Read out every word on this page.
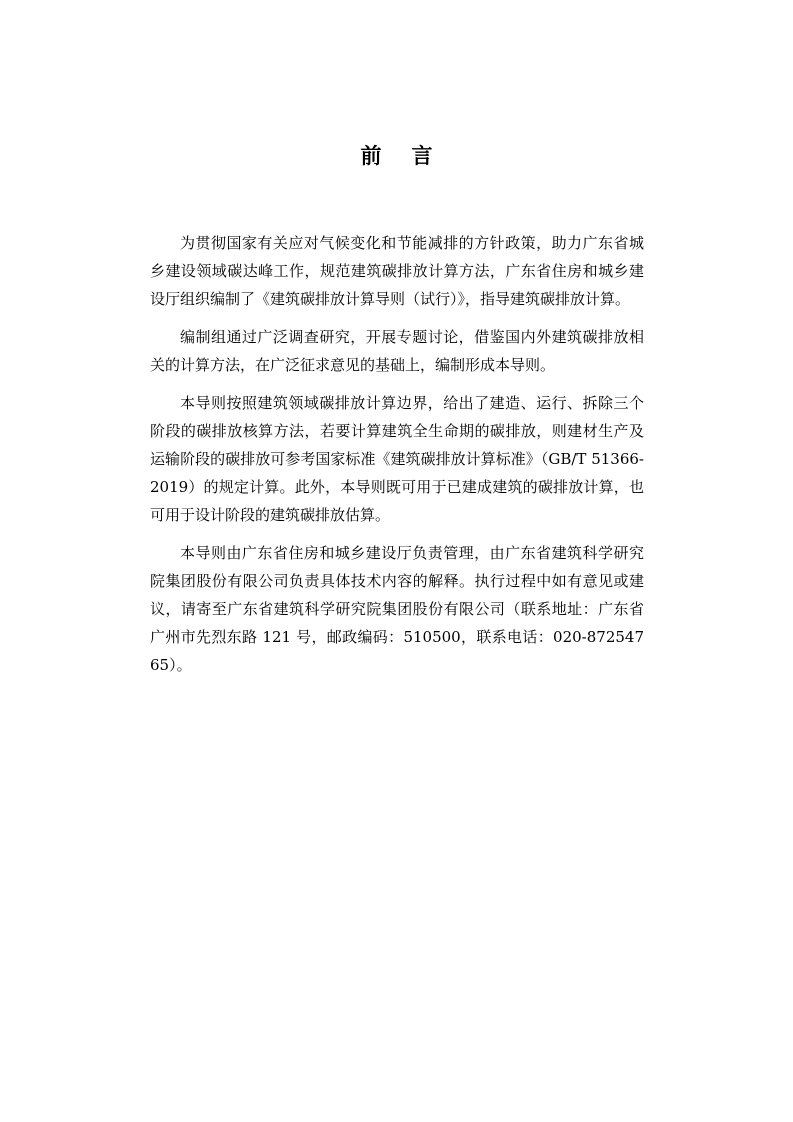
前 言

为贯彻国家有关应对气候变化和节能减排的方针政策，助力广东省城乡建设领域碳达峰工作，规范建筑碳排放计算方法，广东省住房和城乡建设厅组织编制了《建筑碳排放计算导则（试行）》，指导建筑碳排放计算。

编制组通过广泛调查研究，开展专题讨论，借鉴国内外建筑碳排放相关的计算方法，在广泛征求意见的基础上，编制形成本导则。

本导则按照建筑领域碳排放计算边界，给出了建造、运行、拆除三个阶段的碳排放核算方法，若要计算建筑全生命期的碳排放，则建材生产及运输阶段的碳排放可参考国家标准《建筑碳排放计算标准》（GB/T 51366-2019）的规定计算。此外，本导则既可用于已建成建筑的碳排放计算，也可用于设计阶段的建筑碳排放估算。

本导则由广东省住房和城乡建设厅负责管理，由广东省建筑科学研究院集团股份有限公司负责具体技术内容的解释。执行过程中如有意见或建议，请寄至广东省建筑科学研究院集团股份有限公司（联系地址：广东省广州市先烈东路 121 号，邮政编码：510500，联系电话：020-87254765）。
